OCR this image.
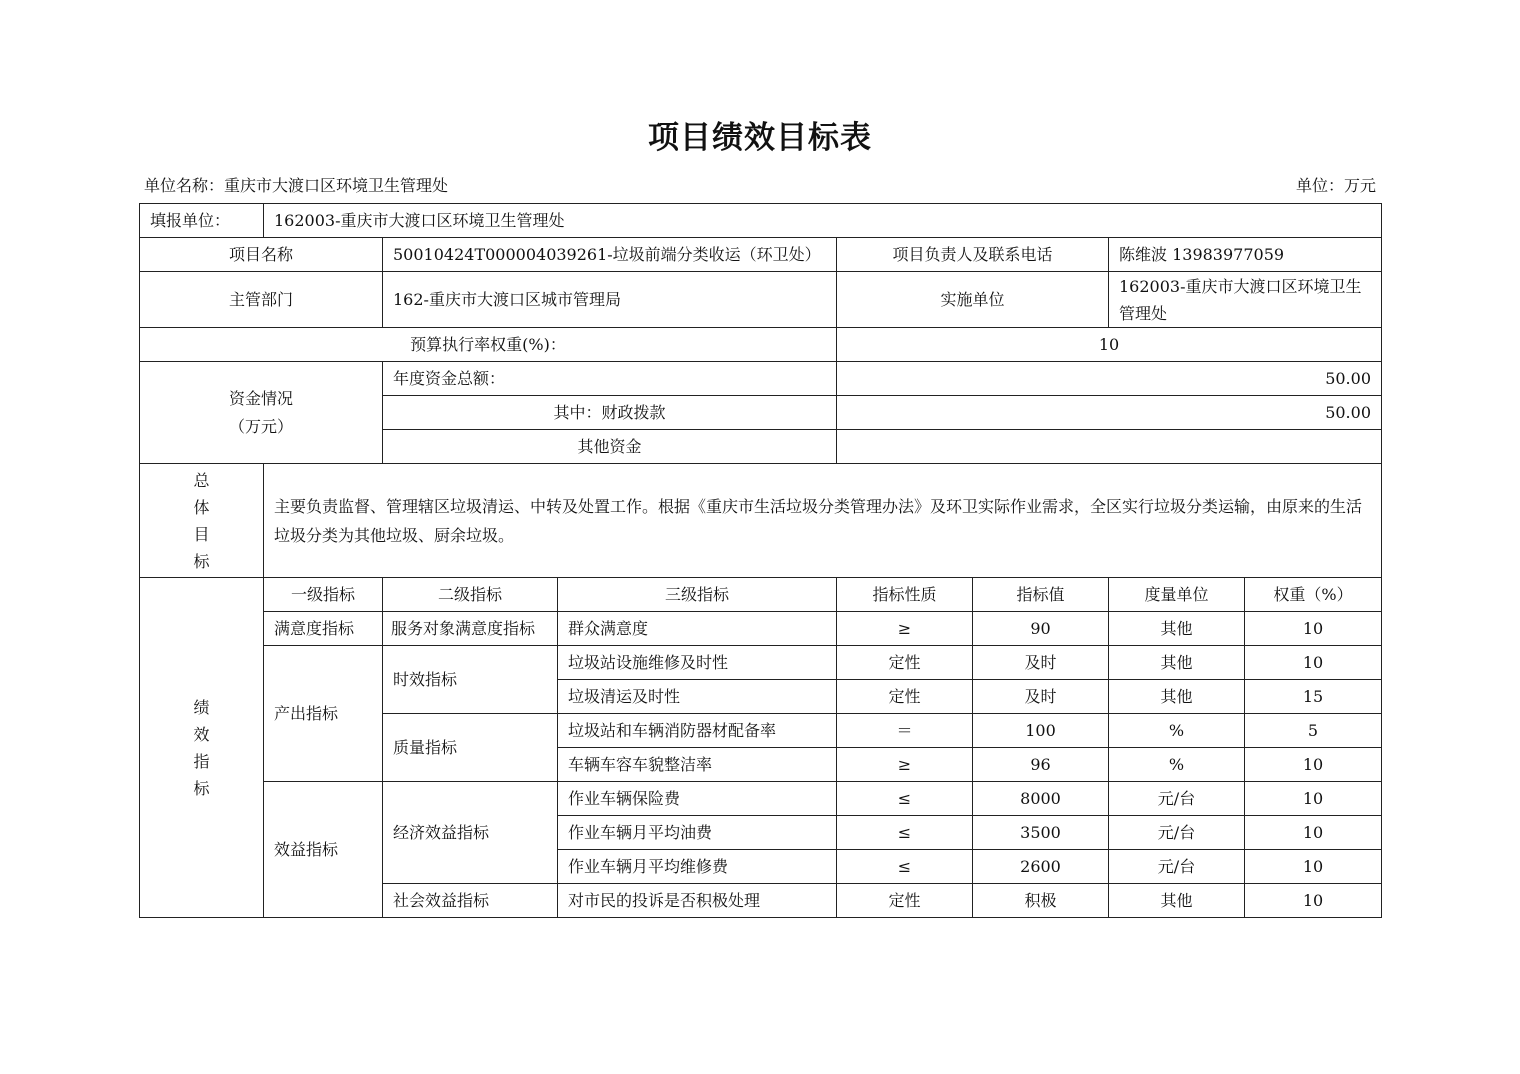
项目绩效目标表
单位名称：重庆市大渡口区环境卫生管理处	单位：万元
填报单位：	162003-重庆市大渡口区环境卫生管理处						
项目名称		50010424T000004039261-垃圾前端分类收运（环卫处）		项目负责人及联系电话		陈维波 13983977059	
主管部门		162-重庆市大渡口区城市管理局		实施单位		162003-重庆市大渡口区环境卫生管理处	
预算执行率权重(%)：				10			

资金情况
（万元）		年度资金总额：		50.00			
		其中：财政拨款		50.00			
		其他资金					

总
体
目
标	主要负责监督、管理辖区垃圾清运、中转及处置工作。根据《重庆市生活垃圾分类管理办法》及环卫实际作业需求，全区实行垃圾分类运输，由原来的生活垃圾分类为其他垃圾、厨余垃圾。						

绩
效
指
标	一级指标	二级指标	三级指标	指标性质	指标值	度量单位	权重（%）
	满意度指标	服务对象满意度指标	群众满意度	≥	90	其他	10
	产出指标	时效指标	垃圾站设施维修及时性	定性	及时	其他	10
			垃圾清运及时性	定性	及时	其他	15
		质量指标	垃圾站和车辆消防器材配备率	＝	100	%	5
			车辆车容车貌整洁率	≥	96	%	10
	效益指标	经济效益指标	作业车辆保险费	≤	8000	元/台	10
			作业车辆月平均油费	≤	3500	元/台	10
			作业车辆月平均维修费	≤	2600	元/台	10
		社会效益指标	对市民的投诉是否积极处理	定性	积极	其他	10
